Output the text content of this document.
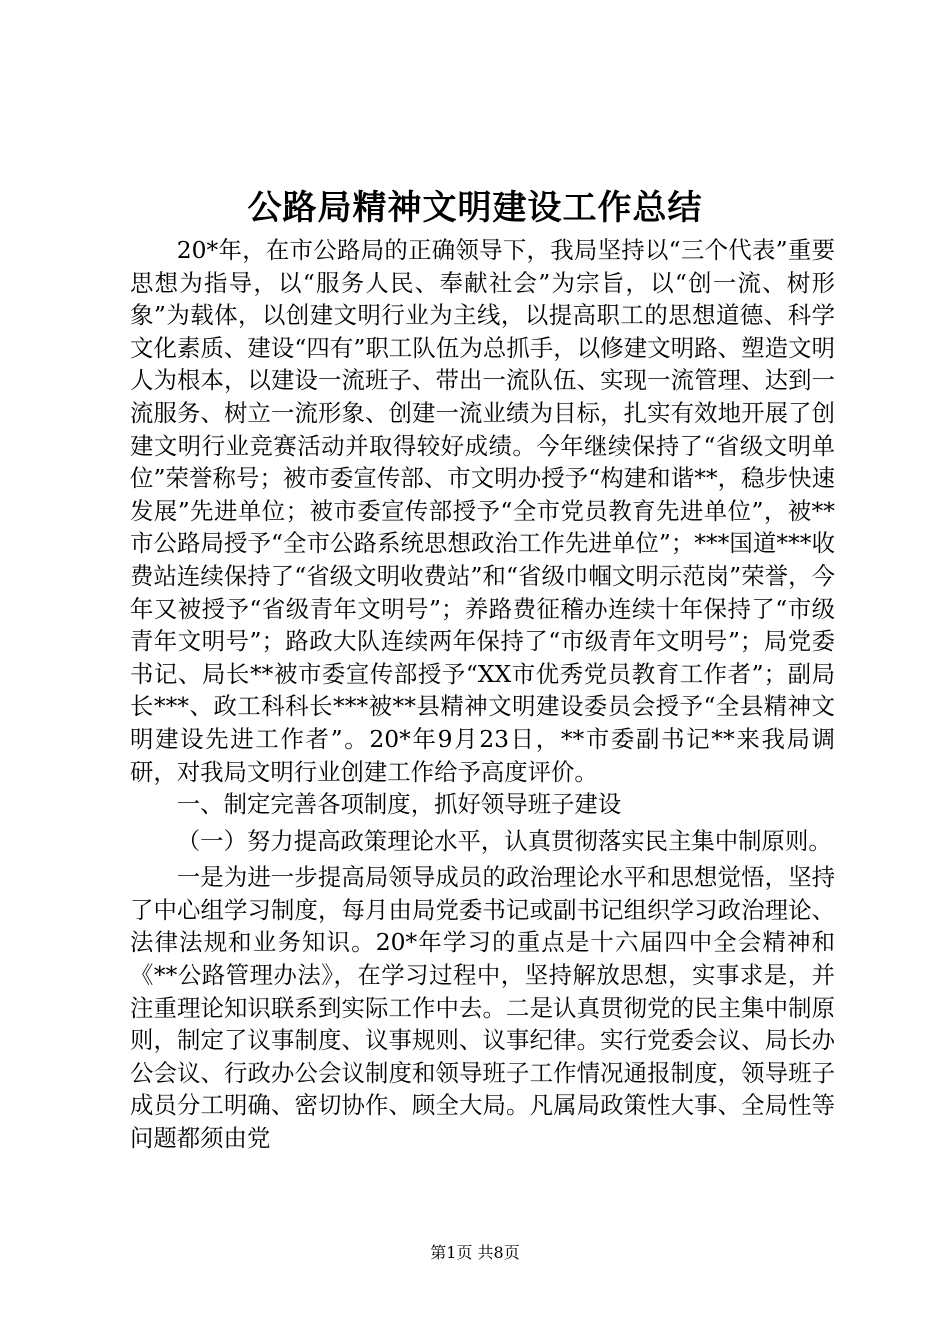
公路局精神文明建设工作总结

20*年，在市公路局的正确领导下，我局坚持以“三个代表”重要思想为指导，以“服务人民、奉献社会”为宗旨，以“创一流、树形象”为载体，以创建文明行业为主线，以提高职工的思想道德、科学文化素质、建设“四有”职工队伍为总抓手，以修建文明路、塑造文明人为根本，以建设一流班子、带出一流队伍、实现一流管理、达到一流服务、树立一流形象、创建一流业绩为目标，扎实有效地开展了创建文明行业竞赛活动并取得较好成绩。今年继续保持了“省级文明单位”荣誉称号；被市委宣传部、市文明办授予“构建和谐**，稳步快速发展”先进单位；被市委宣传部授予“全市党员教育先进单位”，被**市公路局授予“全市公路系统思想政治工作先进单位”；***国道***收费站连续保持了“省级文明收费站”和“省级巾帼文明示范岗”荣誉，今年又被授予“省级青年文明号”；养路费征稽办连续十年保持了“市级青年文明号”；路政大队连续两年保持了“市级青年文明号”；局党委书记、局长**被市委宣传部授予“XX市优秀党员教育工作者”；副局长***、政工科科长***被**县精神文明建设委员会授予“全县精神文明建设先进工作者”。20*年9月23日，**市委副书记**来我局调研，对我局文明行业创建工作给予高度评价。

一、制定完善各项制度，抓好领导班子建设

（一）努力提高政策理论水平，认真贯彻落实民主集中制原则。

一是为进一步提高局领导成员的政治理论水平和思想觉悟，坚持了中心组学习制度，每月由局党委书记或副书记组织学习政治理论、法律法规和业务知识。20*年学习的重点是十六届四中全会精神和《**公路管理办法》，在学习过程中，坚持解放思想，实事求是，并注重理论知识联系到实际工作中去。二是认真贯彻党的民主集中制原则，制定了议事制度、议事规则、议事纪律。实行党委会议、局长办公会议、行政办公会议制度和领导班子工作情况通报制度，领导班子成员分工明确、密切协作、顾全大局。凡属局政策性大事、全局性等问题都须由党

第1页 共8页
